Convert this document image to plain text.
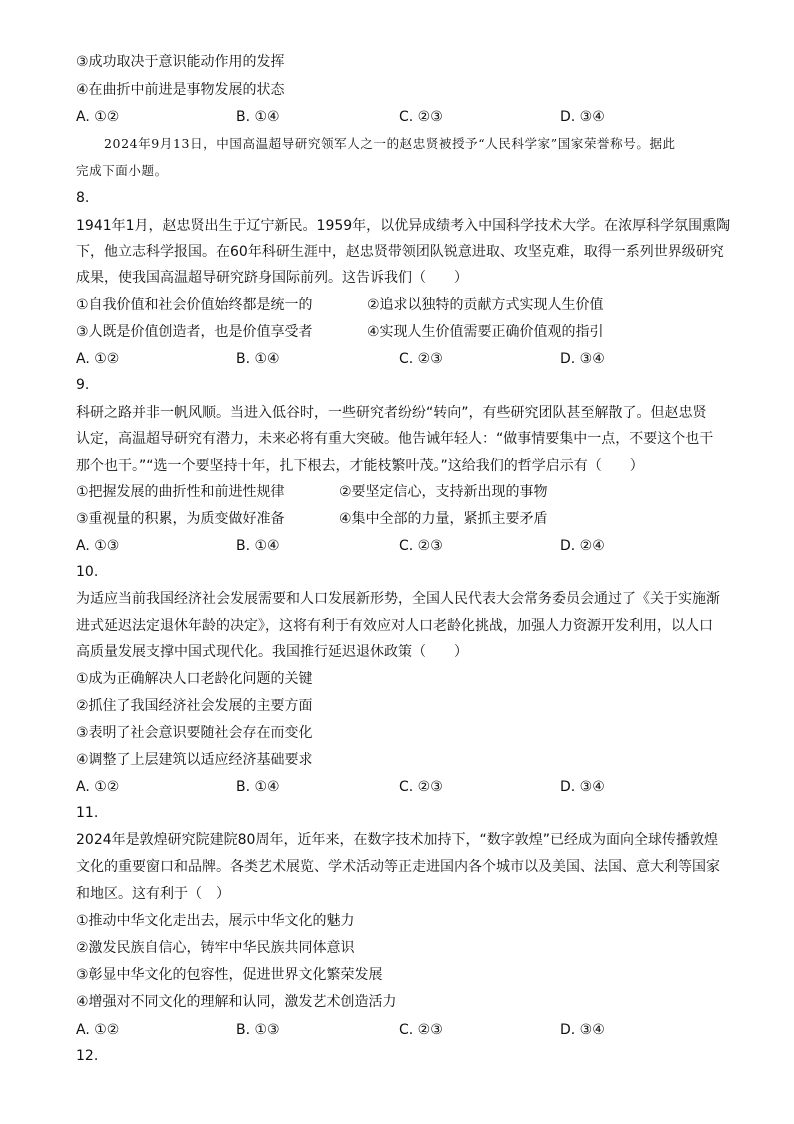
③成功取决于意识能动作用的发挥
④在曲折中前进是事物发展的状态
A. ①②	B. ①④	C. ②③	D. ③④
2024年9月13日，中国高温超导研究领军人之一的赵忠贤被授予“人民科学家”国家荣誉称号。据此
完成下面小题。
8.
1941年1月，赵忠贤出生于辽宁新民。1959年，以优异成绩考入中国科学技术大学。在浓厚科学氛围熏陶
下，他立志科学报国。在60年科研生涯中，赵忠贤带领团队锐意进取、攻坚克难，取得一系列世界级研究
成果，使我国高温超导研究跻身国际前列。这告诉我们（　　）
①自我价值和社会价值始终都是统一的	②追求以独特的贡献方式实现人生价值
③人既是价值创造者，也是价值享受者	④实现人生价值需要正确价值观的指引
A. ①②	B. ①④	C. ②③	D. ③④
9.
科研之路并非一帆风顺。当进入低谷时，一些研究者纷纷“转向”，有些研究团队甚至解散了。但赵忠贤
认定，高温超导研究有潜力，未来必将有重大突破。他告诫年轻人：“做事情要集中一点，不要这个也干
那个也干。”“选一个要坚持十年，扎下根去，才能枝繁叶茂。”这给我们的哲学启示有（　　）
①把握发展的曲折性和前进性规律	②要坚定信心，支持新出现的事物
③重视量的积累，为质变做好准备	④集中全部的力量，紧抓主要矛盾
A. ①③	B. ①④	C. ②③	D. ②④
10.
为适应当前我国经济社会发展需要和人口发展新形势，全国人民代表大会常务委员会通过了《关于实施渐
进式延迟法定退休年龄的决定》，这将有利于有效应对人口老龄化挑战，加强人力资源开发利用，以人口
高质量发展支撑中国式现代化。我国推行延迟退休政策（　　）
①成为正确解决人口老龄化问题的关键
②抓住了我国经济社会发展的主要方面
③表明了社会意识要随社会存在而变化
④调整了上层建筑以适应经济基础要求
A. ①②	B. ①④	C. ②③	D. ③④
11.
2024年是敦煌研究院建院80周年，近年来，在数字技术加持下，“数字敦煌”已经成为面向全球传播敦煌
文化的重要窗口和品牌。各类艺术展览、学术活动等正走进国内各个城市以及美国、法国、意大利等国家
和地区。这有利于（　）
①推动中华文化走出去，展示中华文化的魅力
②激发民族自信心，铸牢中华民族共同体意识
③彰显中华文化的包容性，促进世界文化繁荣发展
④增强对不同文化的理解和认同，激发艺术创造活力
A. ①②	B. ①③	C. ②③	D. ③④
12.
